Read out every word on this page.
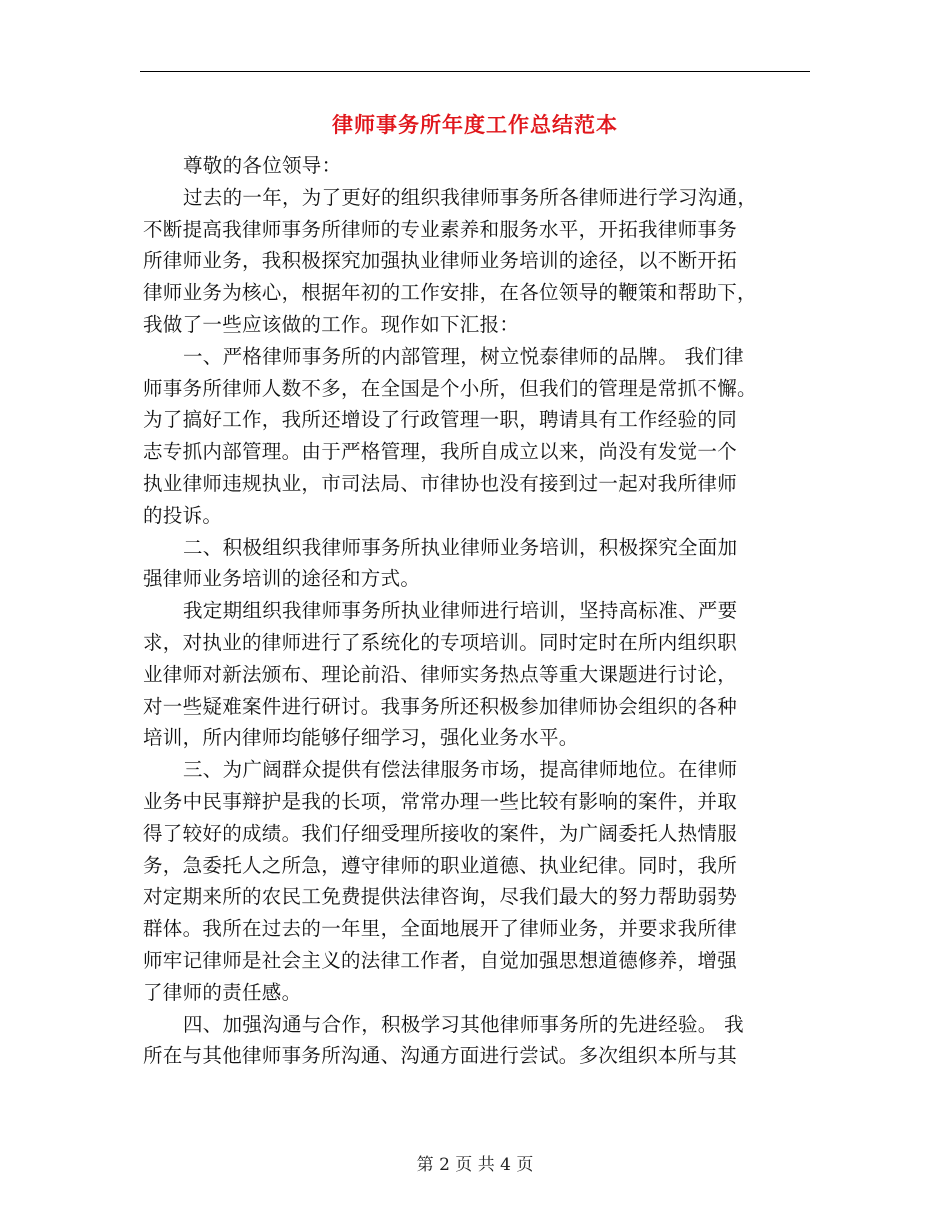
律师事务所年度工作总结范本
尊敬的各位领导：
过去的一年，为了更好的组织我律师事务所各律师进行学习沟通，
不断提高我律师事务所律师的专业素养和服务水平，开拓我律师事务
所律师业务，我积极探究加强执业律师业务培训的途径，以不断开拓
律师业务为核心，根据年初的工作安排，在各位领导的鞭策和帮助下，
我做了一些应该做的工作。现作如下汇报：
一、严格律师事务所的内部管理，树立悦泰律师的品牌。 我们律
师事务所律师人数不多，在全国是个小所，但我们的管理是常抓不懈。
为了搞好工作，我所还增设了行政管理一职，聘请具有工作经验的同
志专抓内部管理。由于严格管理，我所自成立以来，尚没有发觉一个
执业律师违规执业，市司法局、市律协也没有接到过一起对我所律师
的投诉。
二、积极组织我律师事务所执业律师业务培训，积极探究全面加
强律师业务培训的途径和方式。
我定期组织我律师事务所执业律师进行培训，坚持高标准、严要
求，对执业的律师进行了系统化的专项培训。同时定时在所内组织职
业律师对新法颁布、理论前沿、律师实务热点等重大课题进行讨论，
对一些疑难案件进行研讨。我事务所还积极参加律师协会组织的各种
培训，所内律师均能够仔细学习，强化业务水平。
三、为广阔群众提供有偿法律服务市场，提高律师地位。在律师
业务中民事辩护是我的长项，常常办理一些比较有影响的案件，并取
得了较好的成绩。我们仔细受理所接收的案件，为广阔委托人热情服
务，急委托人之所急，遵守律师的职业道德、执业纪律。同时，我所
对定期来所的农民工免费提供法律咨询，尽我们最大的努力帮助弱势
群体。我所在过去的一年里，全面地展开了律师业务，并要求我所律
师牢记律师是社会主义的法律工作者，自觉加强思想道德修养，增强
了律师的责任感。
四、加强沟通与合作，积极学习其他律师事务所的先进经验。 我
所在与其他律师事务所沟通、沟通方面进行尝试。多次组织本所与其
第 2 页 共 4 页
